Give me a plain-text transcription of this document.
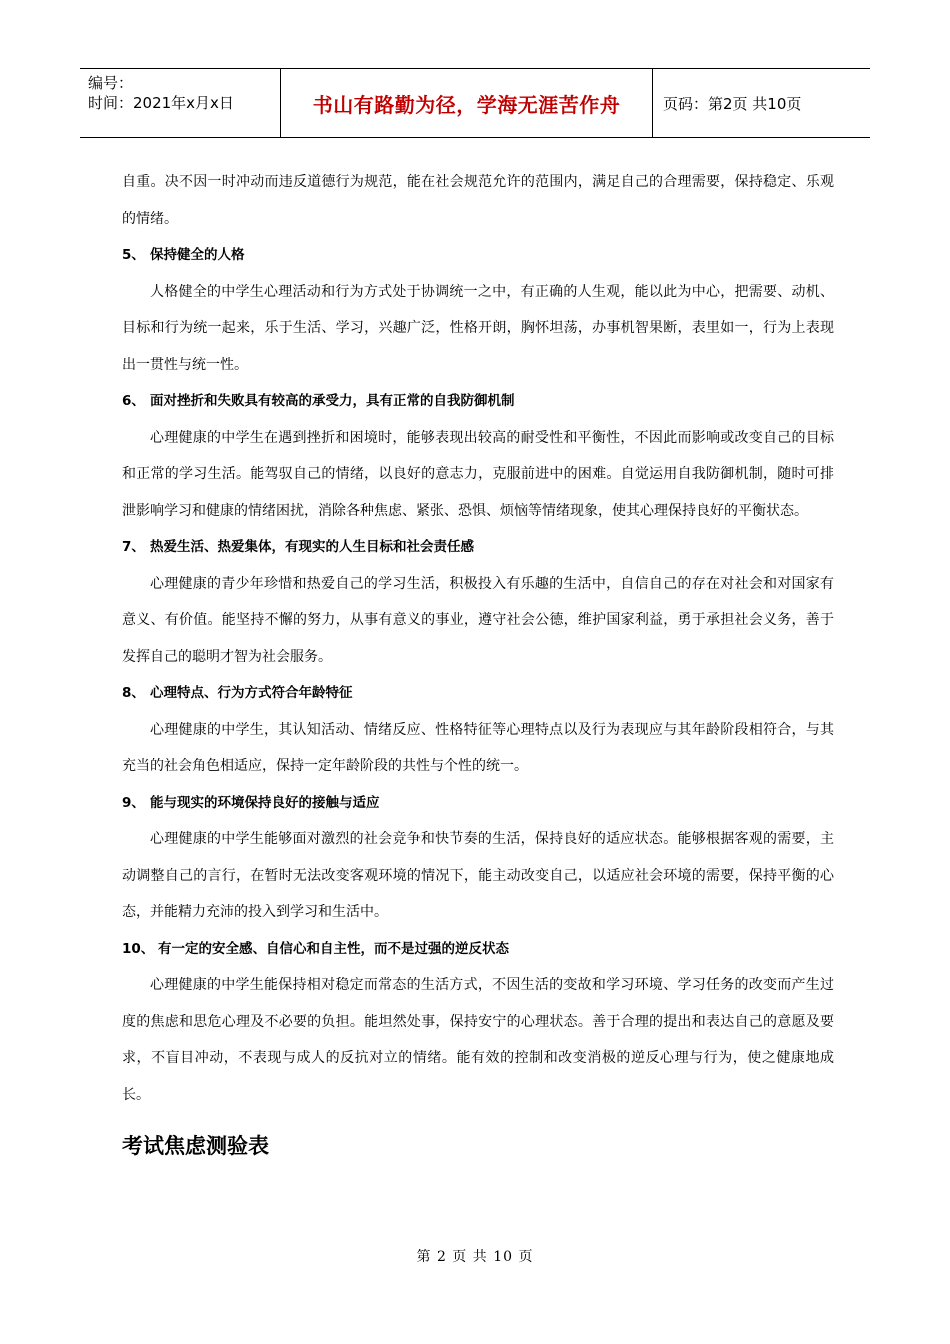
编号：
时间：2021年x月x日	书山有路勤为径，学海无涯苦作舟	页码：第2页 共10页

自重。决不因一时冲动而违反道德行为规范，能在社会规范允许的范围内，满足自己的合理需要，保持稳定、乐观的情绪。

5、 保持健全的人格

人格健全的中学生心理活动和行为方式处于协调统一之中，有正确的人生观，能以此为中心，把需要、动机、目标和行为统一起来，乐于生活、学习，兴趣广泛，性格开朗，胸怀坦荡，办事机智果断，表里如一，行为上表现出一贯性与统一性。

6、 面对挫折和失败具有较高的承受力，具有正常的自我防御机制

心理健康的中学生在遇到挫折和困境时，能够表现出较高的耐受性和平衡性，不因此而影响或改变自己的目标和正常的学习生活。能驾驭自己的情绪，以良好的意志力，克服前进中的困难。自觉运用自我防御机制，随时可排泄影响学习和健康的情绪困扰，消除各种焦虑、紧张、恐惧、烦恼等情绪现象，使其心理保持良好的平衡状态。

7、 热爱生活、热爱集体，有现实的人生目标和社会责任感

心理健康的青少年珍惜和热爱自己的学习生活，积极投入有乐趣的生活中，自信自己的存在对社会和对国家有意义、有价值。能坚持不懈的努力，从事有意义的事业，遵守社会公德，维护国家利益，勇于承担社会义务，善于发挥自己的聪明才智为社会服务。

8、 心理特点、行为方式符合年龄特征

心理健康的中学生，其认知活动、情绪反应、性格特征等心理特点以及行为表现应与其年龄阶段相符合，与其充当的社会角色相适应，保持一定年龄阶段的共性与个性的统一。

9、 能与现实的环境保持良好的接触与适应

心理健康的中学生能够面对激烈的社会竞争和快节奏的生活，保持良好的适应状态。能够根据客观的需要，主动调整自己的言行，在暂时无法改变客观环境的情况下，能主动改变自己，以适应社会环境的需要，保持平衡的心态，并能精力充沛的投入到学习和生活中。

10、 有一定的安全感、自信心和自主性，而不是过强的逆反状态

心理健康的中学生能保持相对稳定而常态的生活方式，不因生活的变故和学习环境、学习任务的改变而产生过度的焦虑和思危心理及不必要的负担。能坦然处事，保持安宁的心理状态。善于合理的提出和表达自己的意愿及要求，不盲目冲动，不表现与成人的反抗对立的情绪。能有效的控制和改变消极的逆反心理与行为，使之健康地成长。

考试焦虑测验表
第 2 页 共 10 页
